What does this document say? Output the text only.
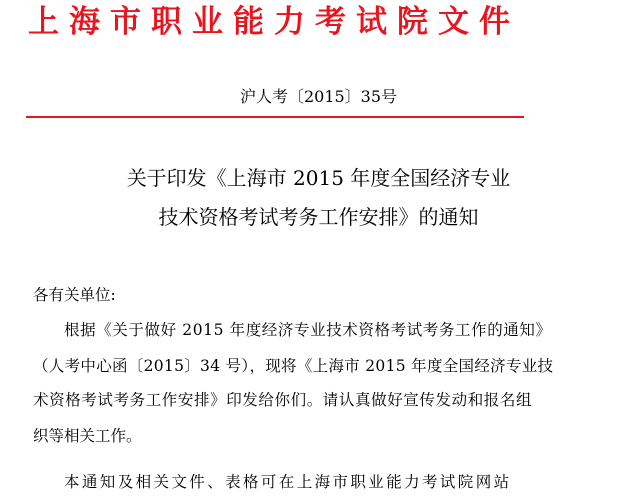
上海市职业能力考试院文件
沪人考〔2015〕35号
关于印发《上海市 2015 年度全国经济专业
技术资格考试考务工作安排》的通知
各有关单位:
根据《关于做好 2015 年度经济专业技术资格考试考务工作的通知》
（人考中心函〔2015〕34 号），现将《上海市 2015 年度全国经济专业技
术资格考试考务工作安排》印发给你们。请认真做好宣传发动和报名组
织等相关工作。
本通知及相关文件、表格可在上海市职业能力考试院网站
